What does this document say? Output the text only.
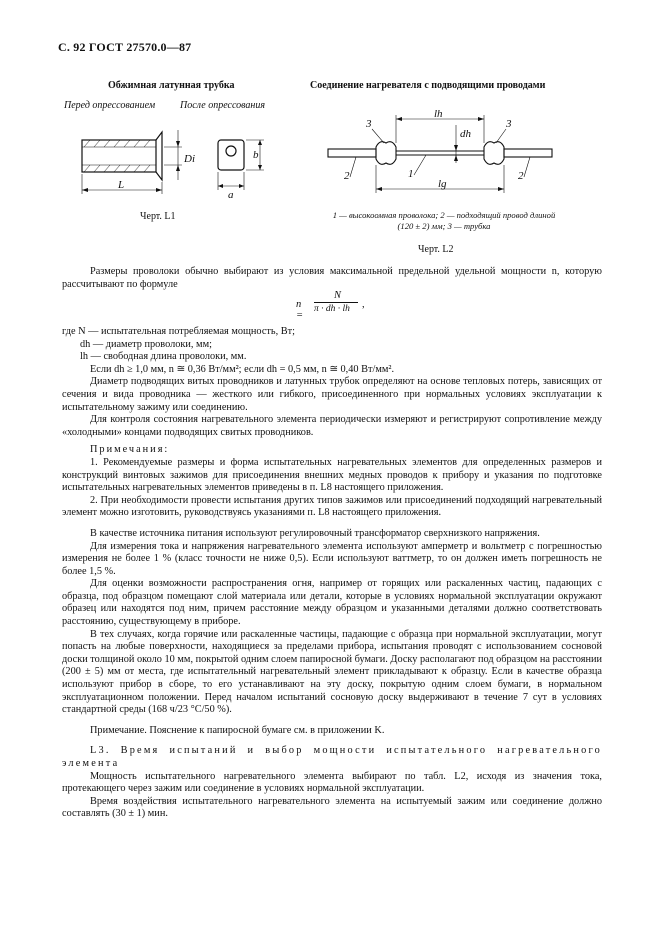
С. 92 ГОСТ 27570.0—87
Обжимная латунная трубка
Перед опрессованием После опрессования
L
Di	b
a
Черт. L1
Соединение нагревателя с подводящими проводами
lh
dh
lg
3	3
2	1	2
1 — высокоомная проволока; 2 — подходящий провод длиной
(120 ± 2) мм; 3 — трубка
Черт. L2

Размеры проволоки обычно выбирают из условия максимальной предельной удельной мощности n, которую рассчитывают по формуле

n =
N
π · dh · lh ,

где N — испытательная потребляемая мощность, Вт;

dh — диаметр проволоки, мм;

lh — свободная длина проволоки, мм.

Если dh ≥ 1,0 мм, n ≅ 0,36 Вт/мм²; если dh = 0,5 мм, n ≅ 0,40 Вт/мм².

Диаметр подводящих витых проводников и латунных трубок определяют на основе тепловых потерь, зависящих от сечения и вида проводника — жесткого или гибкого, присоединенного при нормальных условиях эксплуатации к испытательному зажиму или соединению.

Для контроля состояния нагревательного элемента периодически измеряют и регистрируют сопротивление между «холодными» концами подводящих свитых проводников.

Примечания:

1. Рекомендуемые размеры и форма испытательных нагревательных элементов для определенных размеров и конструкций винтовых зажимов для присоединения внешних медных проводов к прибору и указания по подготовке испытательных нагревательных элементов приведены в п. L8 настоящего приложения.

2. При необходимости провести испытания других типов зажимов или присоединений подходящий нагревательный элемент можно изготовить, руководствуясь указаниями п. L8 настоящего приложения.

В качестве источника питания используют регулировочный трансформатор сверхнизкого напряжения.

Для измерения тока и напряжения нагревательного элемента используют амперметр и вольтметр с погрешностью измерения не более 1 % (класс точности не ниже 0,5). Если используют ваттметр, то он должен иметь погрешность не более 1,5 %.

Для оценки возможности распространения огня, например от горящих или раскаленных частиц, падающих с образца, под образцом помещают слой материала или детали, которые в условиях нормальной эксплуатации окружают образец или находятся под ним, причем расстояние между образцом и указанными деталями должно соответствовать расстоянию, существующему в приборе.

В тех случаях, когда горячие или раскаленные частицы, падающие с образца при нормальной эксплуатации, могут попасть на любые поверхности, находящиеся за пределами прибора, испытания проводят с использованием сосновой доски толщиной около 10 мм, покрытой одним слоем папиросной бумаги. Доску располагают под образцом на расстоянии (200 ± 5) мм от места, где испытательный нагревательный элемент прикладывают к образцу. Если в качестве образца используют прибор в сборе, то его устанавливают на эту доску, покрытую одним слоем бумаги, в нормальном эксплуатационном положении. Перед началом испытаний сосновую доску выдерживают в течение 7 сут в условиях стандартной среды (168 ч/23 °С/50 %).

Примечание. Пояснение к папиросной бумаге см. в приложении K.

L3. Время испытаний и выбор мощности испытательного нагревательного элемента

Мощность испытательного нагревательного элемента выбирают по табл. L2, исходя из значения тока, протекающего через зажим или соединение в условиях нормальной эксплуатации.

Время воздействия испытательного нагревательного элемента на испытуемый зажим или соединение должно составлять (30 ± 1) мин.
